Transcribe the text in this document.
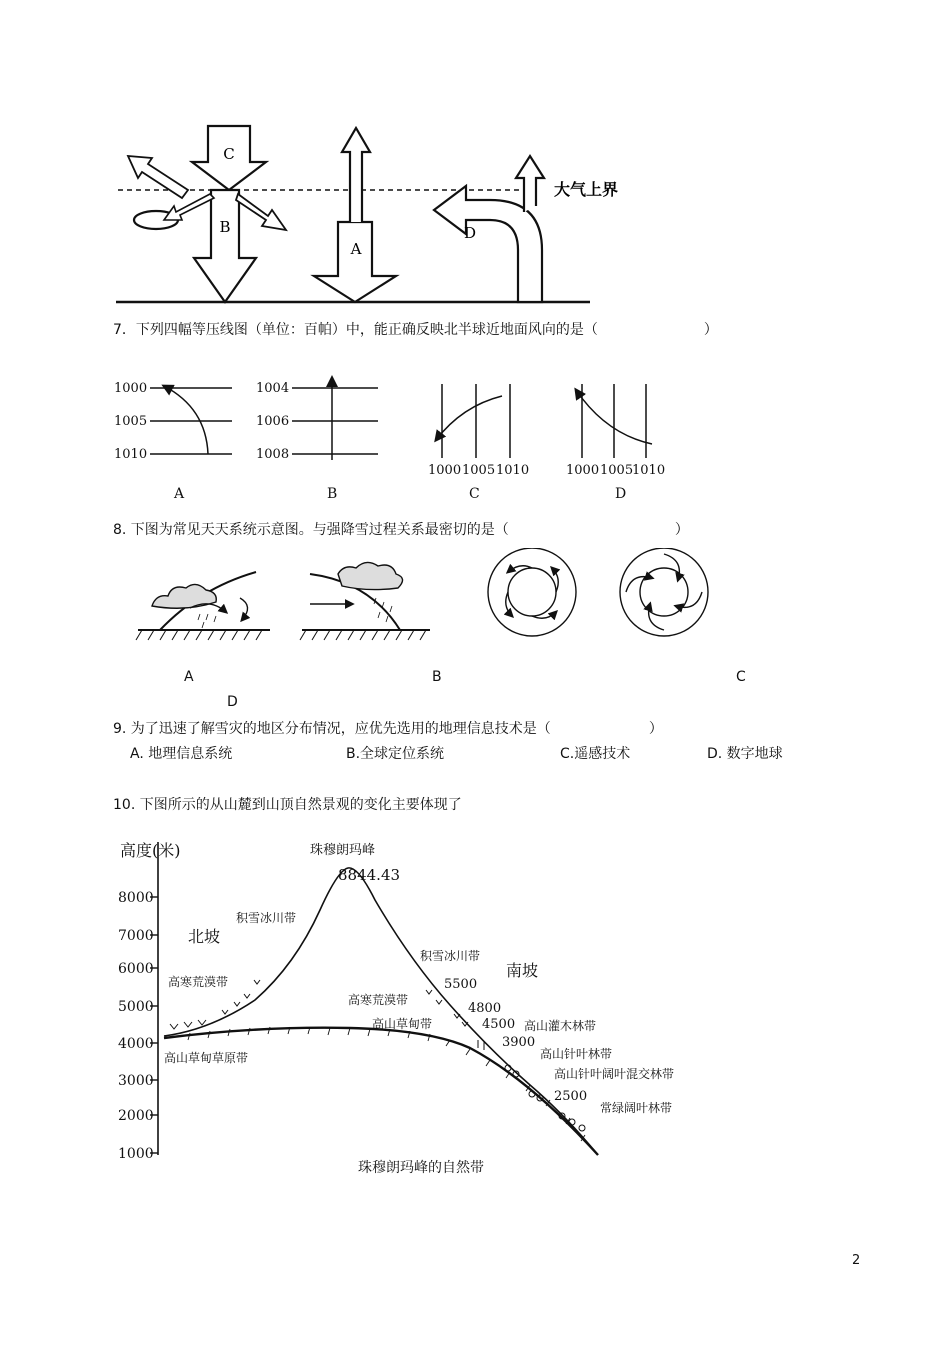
C
B
A
D
大气上界
7．下列四幅等压线图（单位：百帕）中，能正确反映北半球近地面风向的是（	）
1000
1005
1010
1004
1006
1008
1000 1005 1010	1000 1005
1010
A	B	C	D
8. 下图为常见天天系统示意图。与强降雪过程关系最密切的是（	）
A	B	C
D
9. 为了迅速了解雪灾的地区分布情况，应优先选用的地理信息技术是（	）
A. 地理信息系统	B.全球定位系统	C.遥感技术	D. 数字地球
10. 下图所示的从山麓到山顶自然景观的变化主要体现了
高度(米)
8000
7000
6000
5000
4000
3000
2000
1000
珠穆朗玛峰
8844.43
北坡
南坡
积雪冰川带
高寒荒漠带
高山草甸草原带
积雪冰川带
高寒荒漠带
高山草甸带	高山灌木林带
高山针叶林带
高山针叶阔叶混交林带
常绿阔叶林带
5500
4800
4500
3900
2500
珠穆朗玛峰的自然带
2
